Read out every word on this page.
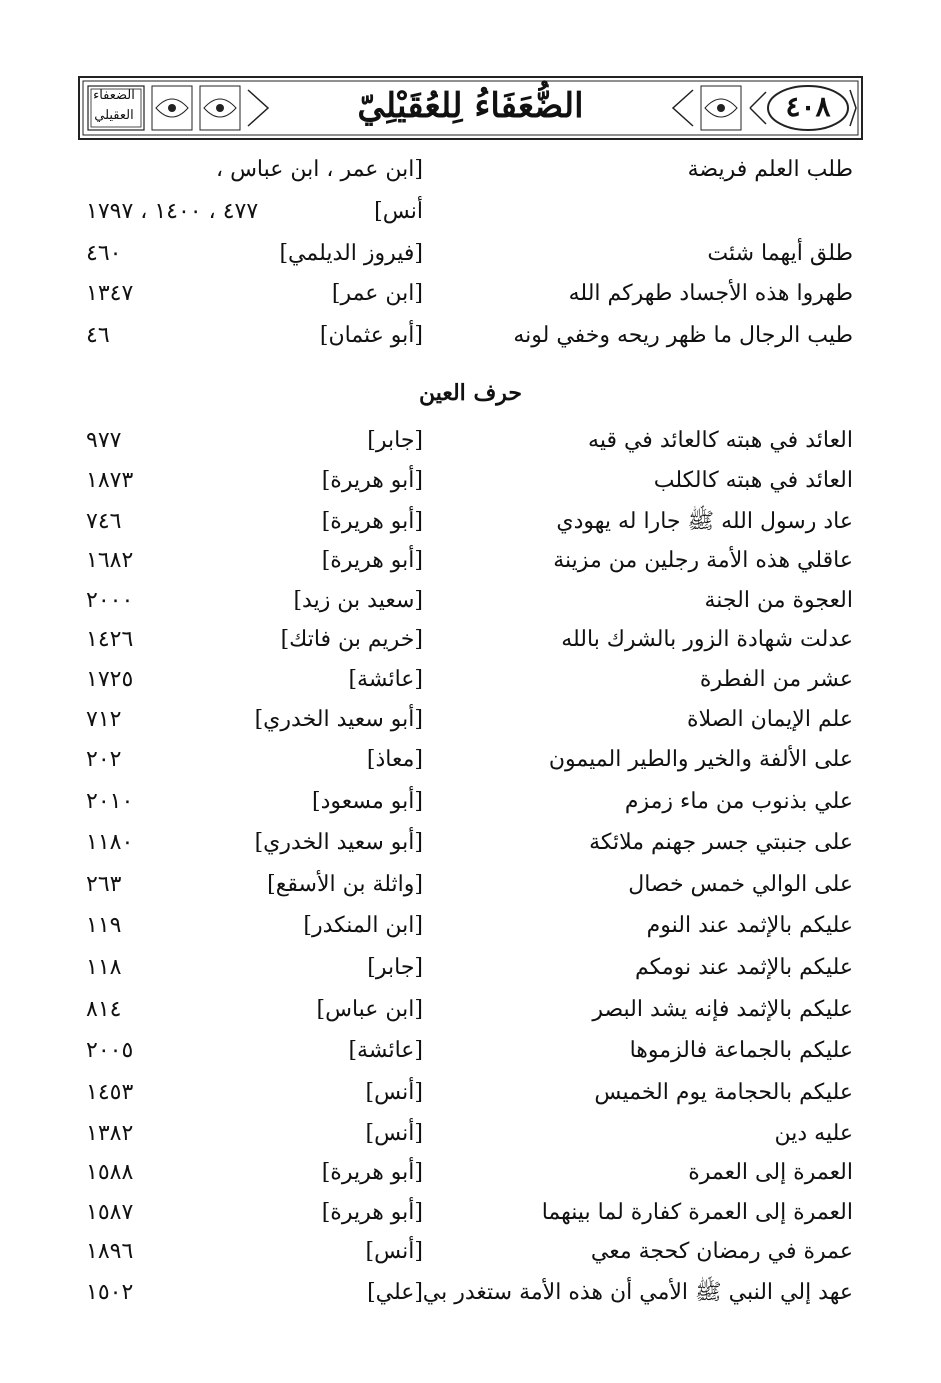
الضعفاء العقيلي	الضُّعَفَاءُ لِلعُقَيْلِيّ	٤٠٨
طلب العلم فريضة
[ابن عمر ، ابن عباس ،
أنس]
٤٧٧ ، ١٤٠٠ ، ١٧٩٧
طلق أيهما شئت
[فيروز الديلمي]
٤٦٠
طهروا هذه الأجساد طهركم الله
[ابن عمر]
١٣٤٧
طيب الرجال ما ظهر ريحه وخفي لونه
[أبو عثمان]
٤٦
حرف العين
العائد في هبته كالعائد في قيه
[جابر]
٩٧٧
العائد في هبته كالكلب
[أبو هريرة]
١٨٧٣
عاد رسول الله ﷺ جارا له يهودي
[أبو هريرة]
٧٤٦
عاقلي هذه الأمة رجلين من مزينة
[أبو هريرة]
١٦٨٢
العجوة من الجنة
[سعيد بن زيد]
٢٠٠٠
عدلت شهادة الزور بالشرك بالله
[خريم بن فاتك]
١٤٢٦
عشر من الفطرة
[عائشة]
١٧٢٥
علم الإيمان الصلاة
[أبو سعيد الخدري]
٧١٢
على الألفة والخير والطير الميمون
[معاذ]
٢٠٢
علي بذنوب من ماء زمزم
[أبو مسعود]
٢٠١٠
على جنبتي جسر جهنم ملائكة
[أبو سعيد الخدري]
١١٨٠
على الوالي خمس خصال
[واثلة بن الأسقع]
٢٦٣
عليكم بالإثمد عند النوم
[ابن المنكدر]
١١٩
عليكم بالإثمد عند نومكم
[جابر]
١١٨
عليكم بالإثمد فإنه يشد البصر
[ابن عباس]
٨١٤
عليكم بالجماعة فالزموها
[عائشة]
٢٠٠٥
عليكم بالحجامة يوم الخميس
[أنس]
١٤٥٣
عليه دين
[أنس]
١٣٨٢
العمرة إلى العمرة
[أبو هريرة]
١٥٨٨
العمرة إلى العمرة كفارة لما بينهما
[أبو هريرة]
١٥٨٧
عمرة في رمضان كحجة معي
[أنس]
١٨٩٦
عهد إلي النبي ﷺ الأمي أن هذه الأمة ستغدر بي
[علي]
١٥٠٢
